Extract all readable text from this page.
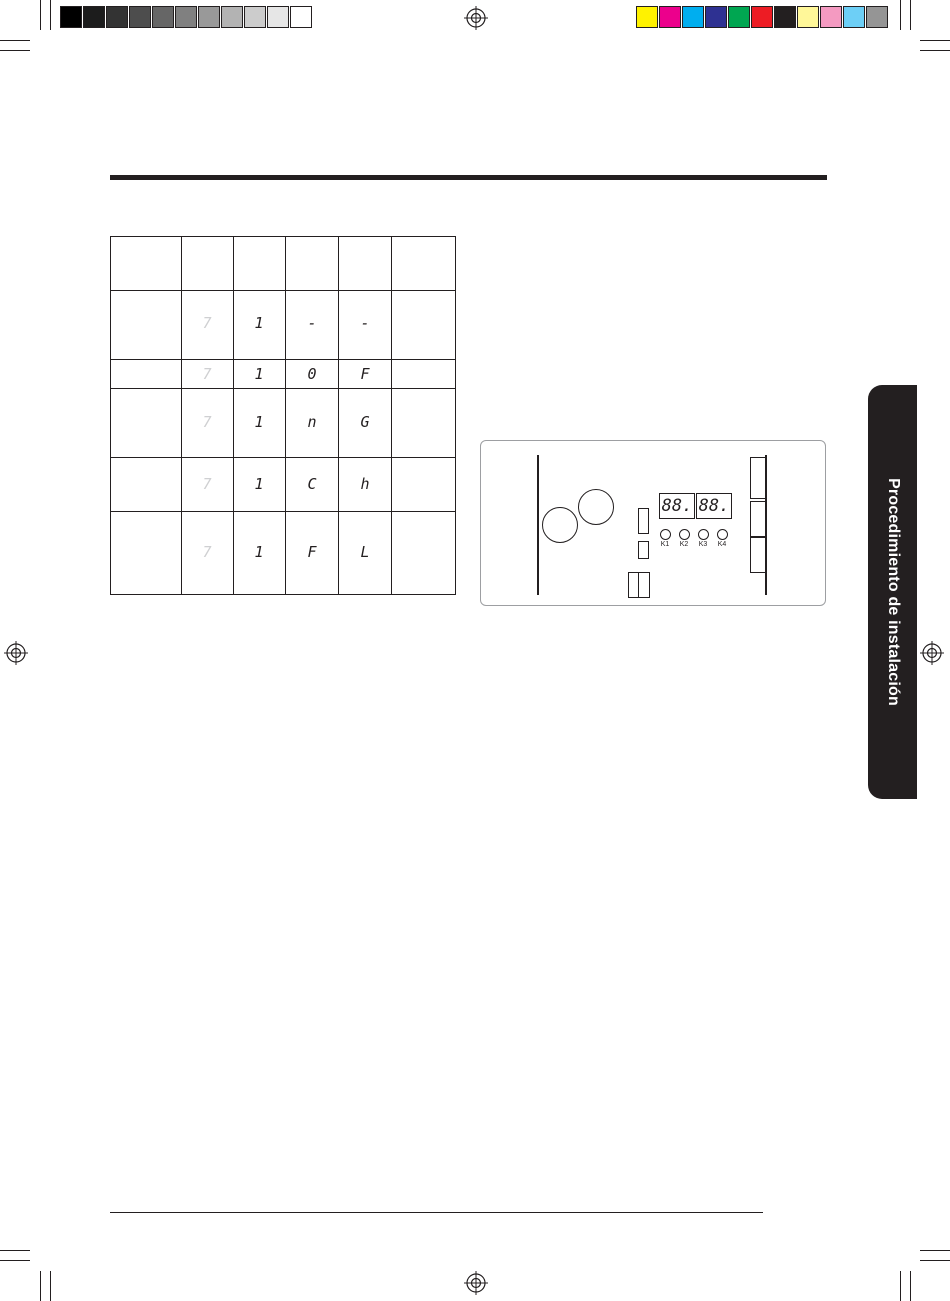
7	1	-	-
7	1	0	F
7	1	n	G
7	1	C	h
7	1	F	L
88. 88.
K1	K2	K3	K4	Procedimiento de instalación
